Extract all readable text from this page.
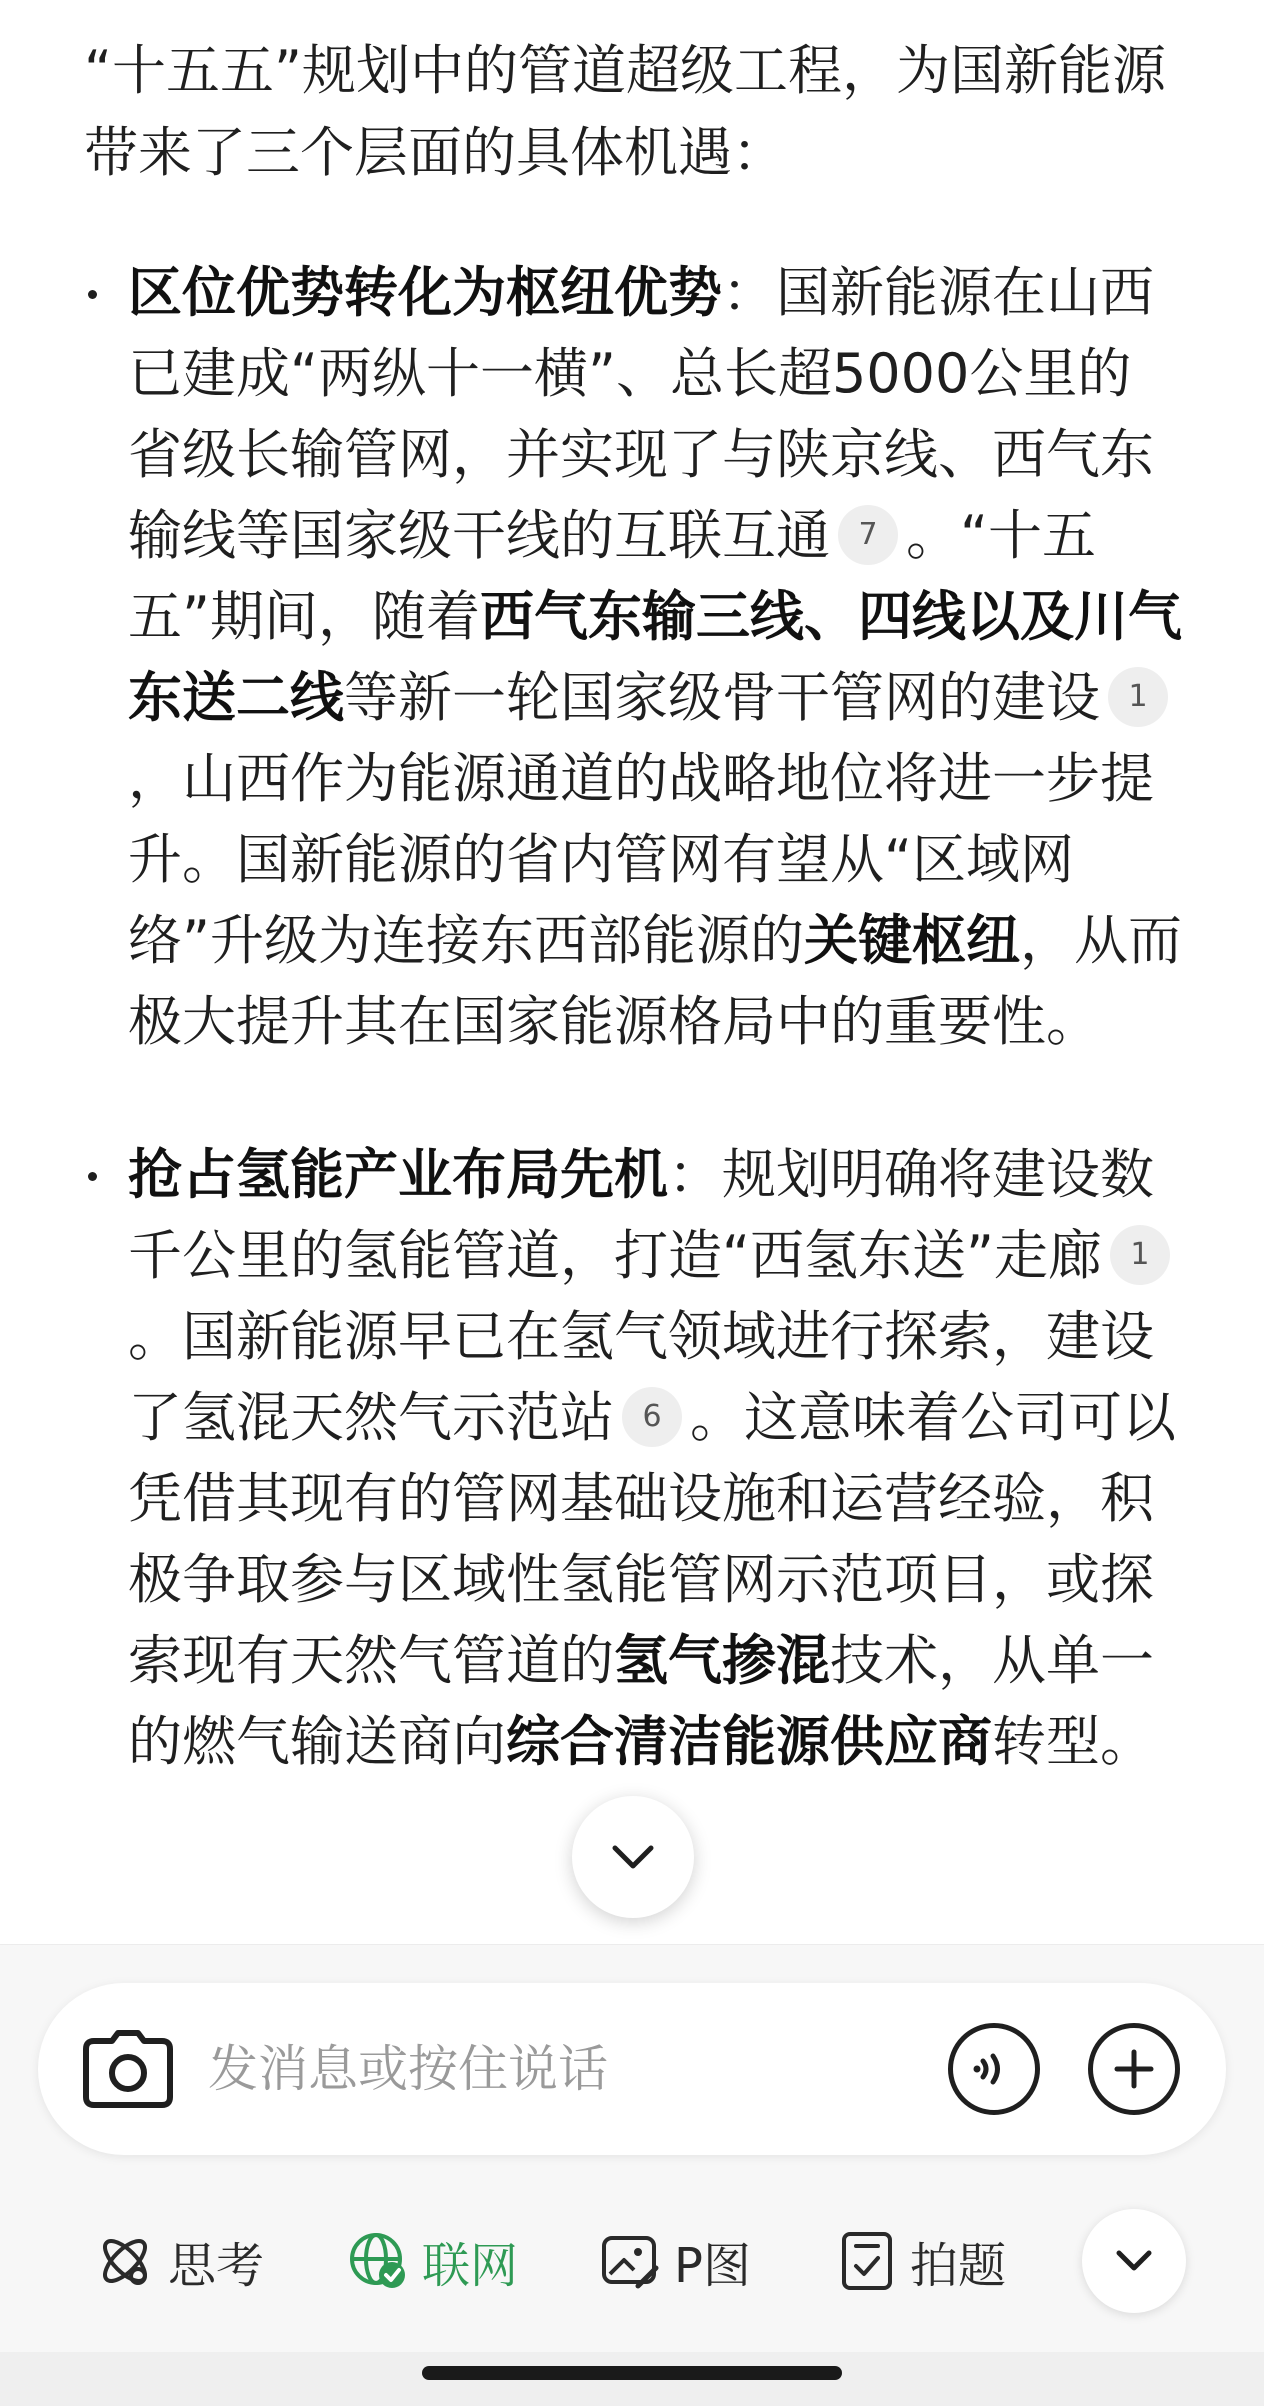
“十五五”规划中的管道超级工程，为国新能源带来了三个层面的具体机遇：

区位优势转化为枢纽优势：国新能源在山西已建成“两纵十一横”、总长超5000公里的省级长输管网，并实现了与陕京线、西气东输线等国家级干线的互联互通 7 。“十五五”期间，随着西气东输三线、四线以及川气东送二线等新一轮国家级骨干管网的建设 1，山西作为能源通道的战略地位将进一步提升。国新能源的省内管网有望从“区域网络”升级为连接东西部能源的关键枢纽，从而极大提升其在国家能源格局中的重要性。
抢占氢能产业布局先机：规划明确将建设数千公里的氢能管道，打造“西氢东送”走廊 1。国新能源早已在氢气领域进行探索，建设了氢混天然气示范站 6 。这意味着公司可以凭借其现有的管网基础设施和运营经验，积极争取参与区域性氢能管网示范项目，或探索现有天然气管道的氢气掺混技术，从单一的燃气输送商向综合清洁能源供应商转型。
发消息或按住说话
思考	联网	P图	拍题
